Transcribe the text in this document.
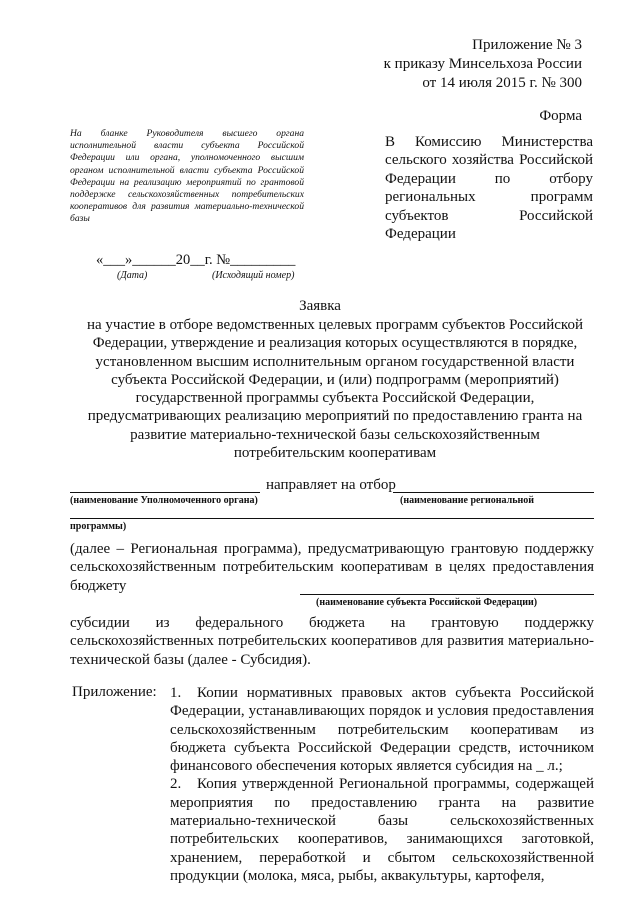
Приложение № 3
к приказу Минсельхоза России
от 14 июля 2015 г. № 300
Форма
На бланке Руководителя высшего органа исполнительной власти субъекта Российской Федерации или органа, уполномоченного высшим органом исполнительной власти субъекта Российской Федерации на реализацию мероприятий по грантовой поддержке сельскохозяйственных потребительских кооперативов для развития материально-технической базы
В Комиссию Министерства сельского хозяйства Российской Федерации по отбору региональных программ субъектов Российской Федерации
«___»______20__г. №_________
(Дата)	(Исходящий номер)
Заявка
на участие в отборе ведомственных целевых программ субъектов Российской Федерации, утверждение и реализация которых осуществляются в порядке, установленном высшим исполнительным органом государственной власти субъекта Российской Федерации, и (или) подпрограмм (мероприятий) государственной программы субъекта Российской Федерации, предусматривающих реализацию мероприятий по предоставлению гранта на развитие материально-технической базы сельскохозяйственным потребительским кооперативам
направляет на отбор
(наименование Уполномоченного органа)	(наименование региональной
программы)
(далее – Региональная программа), предусматривающую грантовую поддержку сельскохозяйственным потребительским кооперативам в целях предоставления бюджету
(наименование субъекта Российской Федерации)
субсидии из федерального бюджета на грантовую поддержку сельскохозяйственных потребительских кооперативов для развития материально-технической базы (далее - Субсидия).
Приложение: 1. Копии нормативных правовых актов субъекта Российской Федерации, устанавливающих порядок и условия предоставления сельскохозяйственным потребительским кооперативам из бюджета субъекта Российской Федерации средств, источником финансового обеспечения которых является субсидия на _ л.;
2. Копия утвержденной Региональной программы, содержащей мероприятия по предоставлению гранта на развитие материально-технической базы сельскохозяйственных потребительских кооперативов, занимающихся заготовкой, хранением, переработкой и сбытом сельскохозяйственной продукции (молока, мяса, рыбы, аквакультуры, картофеля,
